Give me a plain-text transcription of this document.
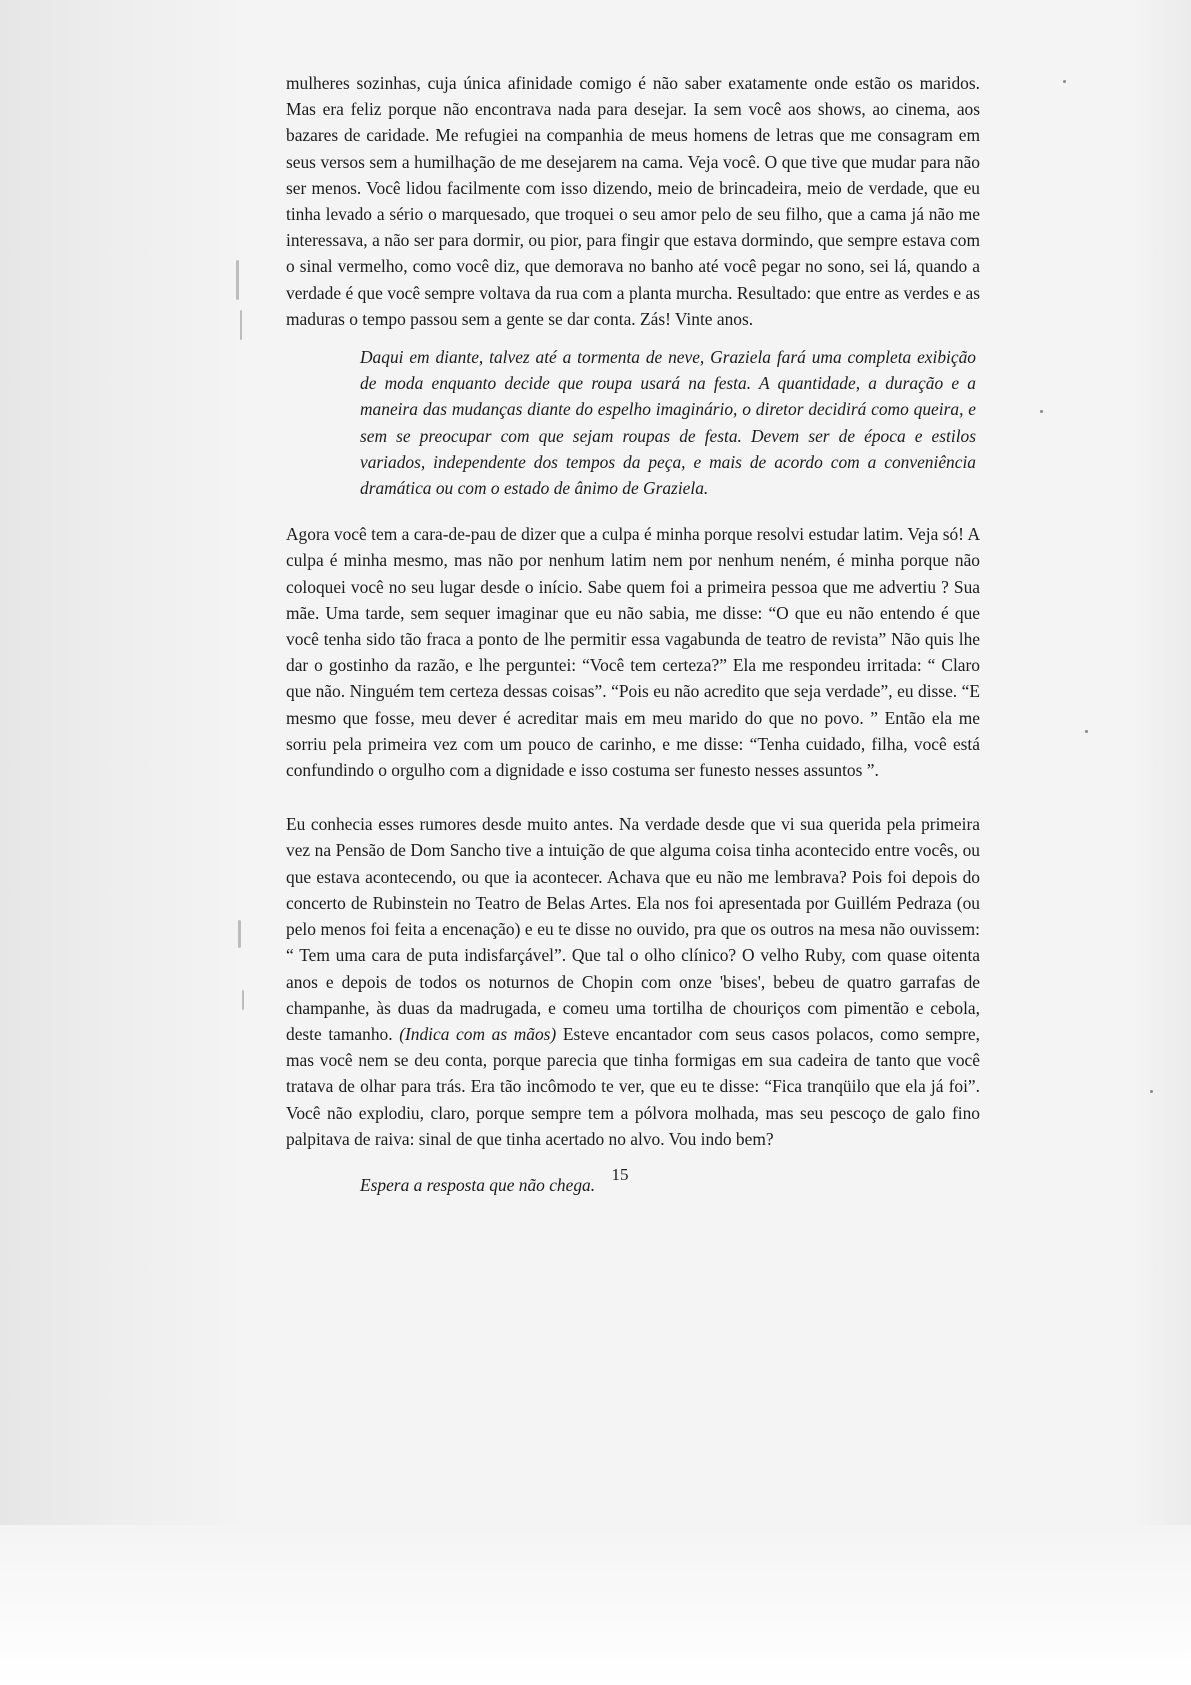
mulheres sozinhas, cuja única afinidade comigo é não saber exatamente onde estão os maridos. Mas era feliz porque não encontrava nada para desejar. Ia sem você aos shows, ao cinema, aos bazares de caridade. Me refugiei na companhia de meus homens de letras que me consagram em seus versos sem a humilhação de me desejarem na cama. Veja você. O que tive que mudar para não ser menos. Você lidou facilmente com isso dizendo, meio de brincadeira, meio de verdade, que eu tinha levado a sério o marquesado, que troquei o seu amor pelo de seu filho, que a cama já não me interessava, a não ser para dormir, ou pior, para fingir que estava dormindo, que sempre estava com o sinal vermelho, como você diz, que demorava no banho até você pegar no sono, sei lá, quando a verdade é que você sempre voltava da rua com a planta murcha. Resultado: que entre as verdes e as maduras o tempo passou sem a gente se dar conta. Zás! Vinte anos.

Daqui em diante, talvez até a tormenta de neve, Graziela fará uma completa exibição de moda enquanto decide que roupa usará na festa. A quantidade, a duração e a maneira das mudanças diante do espelho imaginário, o diretor decidirá como queira, e sem se preocupar com que sejam roupas de festa. Devem ser de época e estilos variados, independente dos tempos da peça, e mais de acordo com a conveniência dramática ou com o estado de ânimo de Graziela.

Agora você tem a cara-de-pau de dizer que a culpa é minha porque resolvi estudar latim. Veja só! A culpa é minha mesmo, mas não por nenhum latim nem por nenhum neném, é minha porque não coloquei você no seu lugar desde o início. Sabe quem foi a primeira pessoa que me advertiu ? Sua mãe. Uma tarde, sem sequer imaginar que eu não sabia, me disse: “O que eu não entendo é que você tenha sido tão fraca a ponto de lhe permitir essa vagabunda de teatro de revista” Não quis lhe dar o gostinho da razão, e lhe perguntei: “Você tem certeza?” Ela me respondeu irritada: “ Claro que não. Ninguém tem certeza dessas coisas”. “Pois eu não acredito que seja verdade”, eu disse. “E mesmo que fosse, meu dever é acreditar mais em meu marido do que no povo. ” Então ela me sorriu pela primeira vez com um pouco de carinho, e me disse: “Tenha cuidado, filha, você está confundindo o orgulho com a dignidade e isso costuma ser funesto nesses assuntos ”.

Eu conhecia esses rumores desde muito antes. Na verdade desde que vi sua querida pela primeira vez na Pensão de Dom Sancho tive a intuição de que alguma coisa tinha acontecido entre vocês, ou que estava acontecendo, ou que ia acontecer. Achava que eu não me lembrava? Pois foi depois do concerto de Rubinstein no Teatro de Belas Artes. Ela nos foi apresentada por Guillém Pedraza (ou pelo menos foi feita a encenação) e eu te disse no ouvido, pra que os outros na mesa não ouvissem: “ Tem uma cara de puta indisfarçável”. Que tal o olho clínico? O velho Ruby, com quase oitenta anos e depois de todos os noturnos de Chopin com onze 'bises', bebeu de quatro garrafas de champanhe, às duas da madrugada, e comeu uma tortilha de chouriços com pimentão e cebola, deste tamanho. (Indica com as mãos) Esteve encantador com seus casos polacos, como sempre, mas você nem se deu conta, porque parecia que tinha formigas em sua cadeira de tanto que você tratava de olhar para trás. Era tão incômodo te ver, que eu te disse: “Fica tranqüilo que ela já foi”. Você não explodiu, claro, porque sempre tem a pólvora molhada, mas seu pescoço de galo fino palpitava de raiva: sinal de que tinha acertado no alvo. Vou indo bem?

Espera a resposta que não chega.

15
